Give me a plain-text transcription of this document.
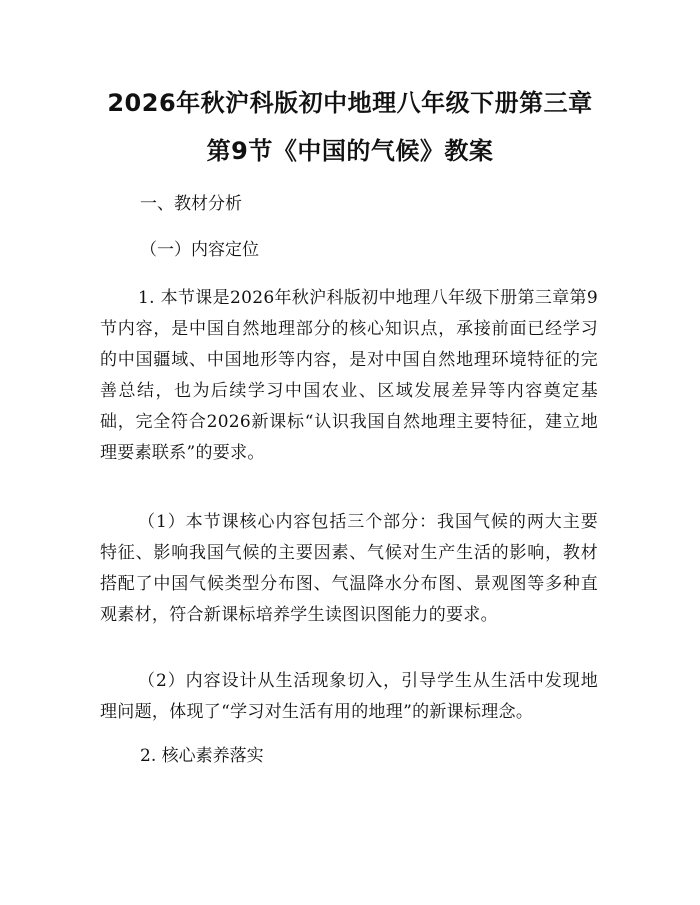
2026年秋沪科版初中地理八年级下册第三章
第9节《中国的气候》教案
一、教材分析
（一）内容定位

1. 本节课是2026年秋沪科版初中地理八年级下册第三章第9节内容，是中国自然地理部分的核心知识点，承接前面已经学习的中国疆域、中国地形等内容，是对中国自然地理环境特征的完善总结，也为后续学习中国农业、区域发展差异等内容奠定基础，完全符合2026新课标“认识我国自然地理主要特征，建立地理要素联系”的要求。

（1）本节课核心内容包括三个部分：我国气候的两大主要特征、影响我国气候的主要因素、气候对生产生活的影响，教材搭配了中国气候类型分布图、气温降水分布图、景观图等多种直观素材，符合新课标培养学生读图识图能力的要求。

（2）内容设计从生活现象切入，引导学生从生活中发现地理问题，体现了“学习对生活有用的地理”的新课标理念。

2. 核心素养落实
